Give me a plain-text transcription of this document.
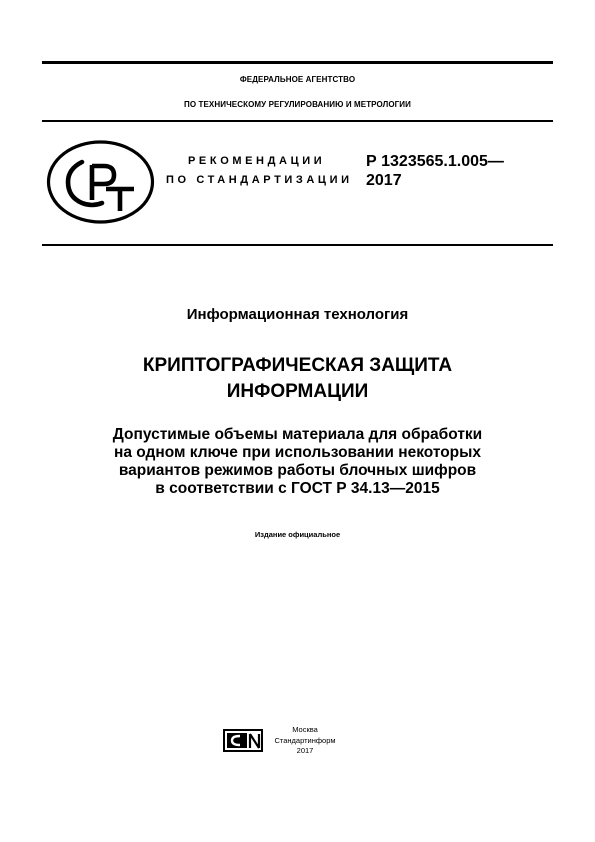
ФЕДЕРАЛЬНОЕ АГЕНТСТВО
ПО ТЕХНИЧЕСКОМУ РЕГУЛИРОВАНИЮ И МЕТРОЛОГИИ
РЕКОМЕНДАЦИИ
ПО СТАНДАРТИЗАЦИИ
Р 1323565.1.005—
2017
Информационная технология
КРИПТОГРАФИЧЕСКАЯ ЗАЩИТА
ИНФОРМАЦИИ
Допустимые объемы материала для обработки
на одном ключе при использовании некоторых
вариантов режимов работы блочных шифров
в соответствии с ГОСТ Р 34.13—2015
Издание официальное
Москва
Стандартинформ
2017
